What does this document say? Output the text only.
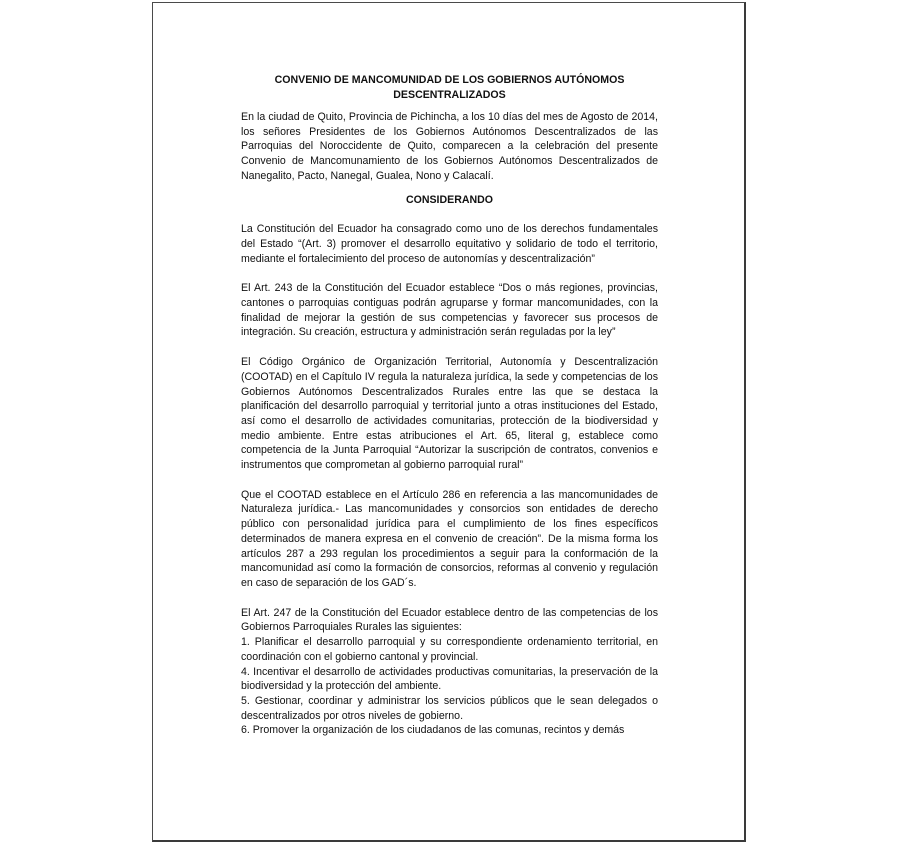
CONVENIO DE MANCOMUNIDAD DE LOS GOBIERNOS AUTÓNOMOS
DESCENTRALIZADOS

En la ciudad de Quito, Provincia de Pichincha, a los 10 días del mes de Agosto de 2014, los señores Presidentes de los Gobiernos Autónomos Descentralizados de las Parroquias del Noroccidente de Quito, comparecen a la celebración del presente Convenio de Mancomunamiento de los Gobiernos Autónomos Descentralizados de Nanegalito, Pacto, Nanegal, Gualea, Nono y Calacalí.

CONSIDERANDO

La Constitución del Ecuador ha consagrado como uno de los derechos fundamentales del Estado “(Art. 3) promover el desarrollo equitativo y solidario de todo el territorio, mediante el fortalecimiento del proceso de autonomías y descentralización”

El Art. 243 de la Constitución del Ecuador establece “Dos o más regiones, provincias, cantones o parroquias contiguas podrán agruparse y formar mancomunidades, con la finalidad de mejorar la gestión de sus competencias y favorecer sus procesos de integración. Su creación, estructura y administración serán reguladas por la ley”

El Código Orgánico de Organización Territorial, Autonomía y Descentralización (COOTAD) en el Capítulo IV regula la naturaleza jurídica, la sede y competencias de los Gobiernos Autónomos Descentralizados Rurales entre las que se destaca la planificación del desarrollo parroquial y territorial junto a otras instituciones del Estado, así como el desarrollo de actividades comunitarias, protección de la biodiversidad y medio ambiente. Entre estas atribuciones el Art. 65, literal g, establece como competencia de la Junta Parroquial “Autorizar la suscripción de contratos, convenios e instrumentos que comprometan al gobierno parroquial rural”

Que el COOTAD establece en el Artículo 286 en referencia a las mancomunidades de Naturaleza jurídica.- Las mancomunidades y consorcios son entidades de derecho público con personalidad jurídica para el cumplimiento de los fines específicos determinados de manera expresa en el convenio de creación”. De la misma forma los artículos 287 a 293 regulan los procedimientos a seguir para la conformación de la mancomunidad así como la formación de consorcios, reformas al convenio y regulación en caso de separación de los GAD´s.

El Art. 247 de la Constitución del Ecuador establece dentro de las competencias de los Gobiernos Parroquiales Rurales las siguientes:

1. Planificar el desarrollo parroquial y su correspondiente ordenamiento territorial, en coordinación con el gobierno cantonal y provincial.

4. Incentivar el desarrollo de actividades productivas comunitarias, la preservación de la biodiversidad y la protección del ambiente.

5. Gestionar, coordinar y administrar los servicios públicos que le sean delegados o descentralizados por otros niveles de gobierno.

6. Promover la organización de los ciudadanos de las comunas, recintos y demás
